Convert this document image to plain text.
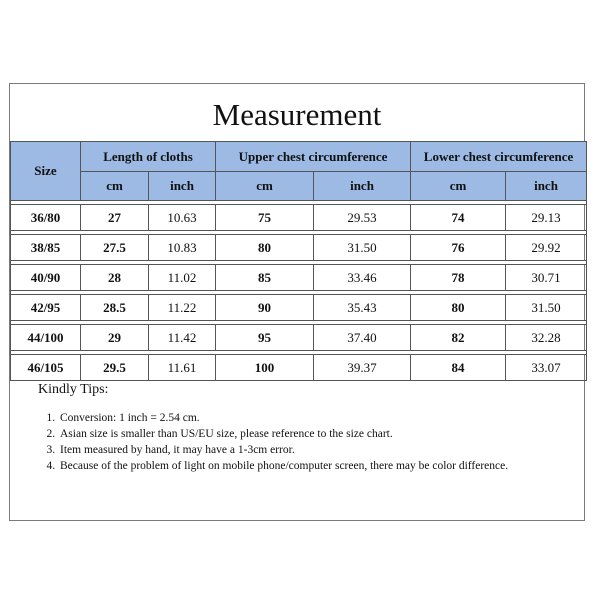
Measurement
Size	Length of cloths		Upper chest circumference		Lower chest circumference	
	cm	inch	cm	inch	cm	inch

36/80	27	10.63	75	29.53	74	29.13

38/85	27.5	10.83	80	31.50	76	29.92

40/90	28	11.02	85	33.46	78	30.71

42/95	28.5	11.22	90	35.43	80	31.50

44/100	29	11.42	95	37.40	82	32.28

46/105	29.5	11.61	100	39.37	84	33.07
Kindly Tips:
1. Conversion: 1 inch = 2.54 cm.
2. Asian size is smaller than US/EU size, please reference to the size chart.
3. Item measured by hand, it may have a 1-3cm error.
4. Because of the problem of light on mobile phone/computer screen, there may be color difference.
